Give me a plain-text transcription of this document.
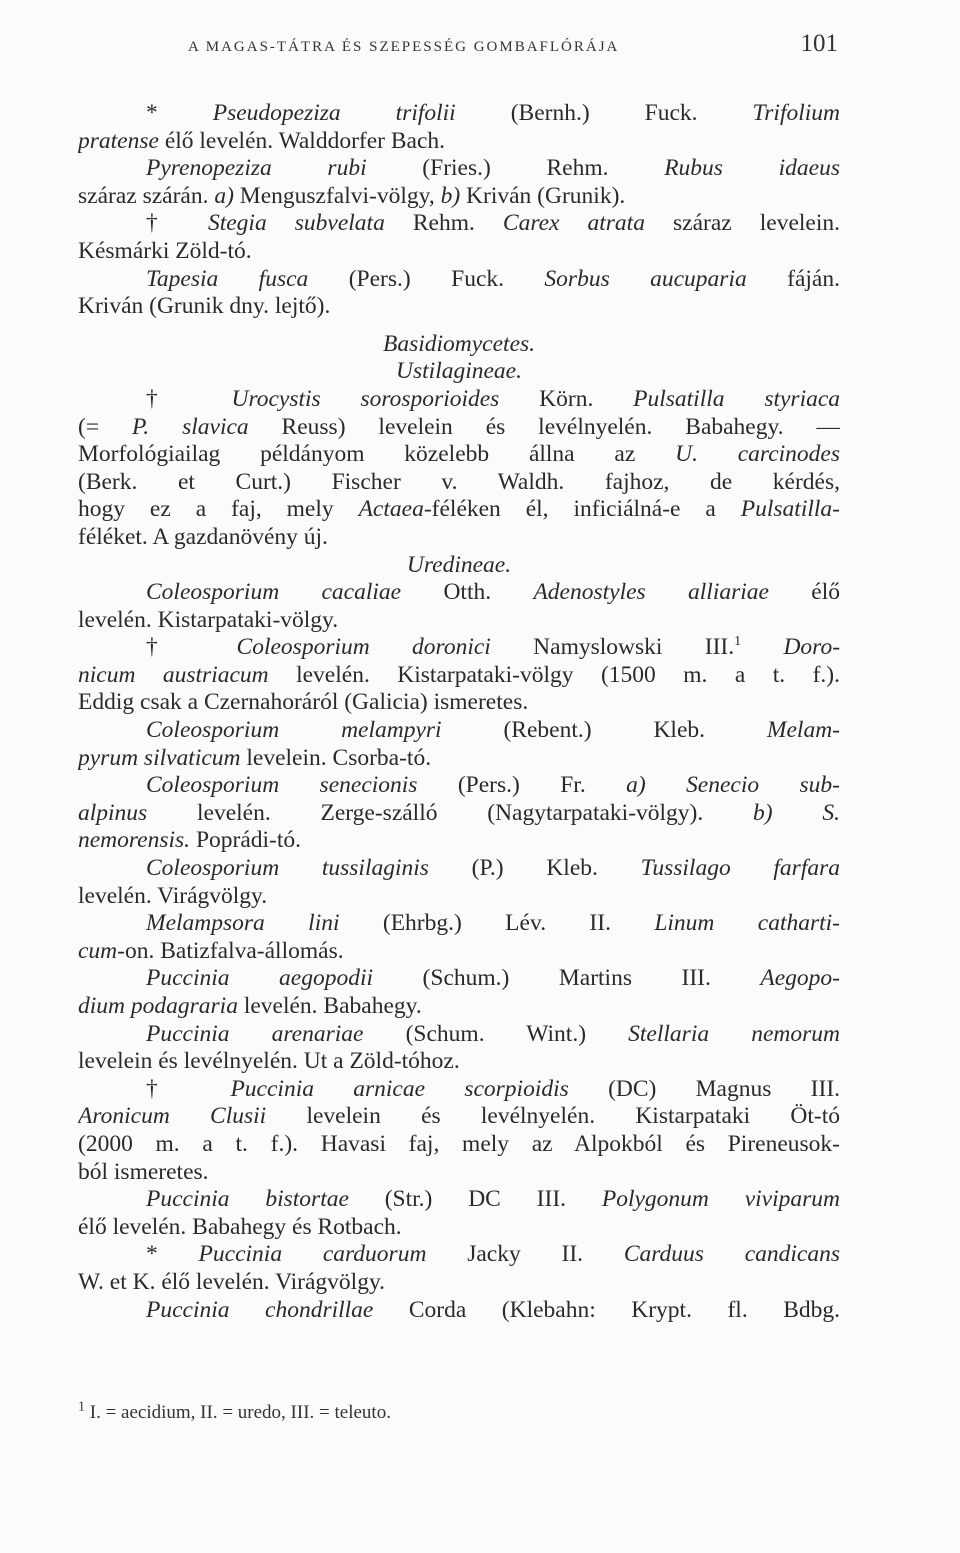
A MAGAS-TÁTRA ÉS SZEPESSÉG GOMBAFLÓRÁJA	101
* Pseudopeziza trifolii (Bernh.) Fuck. Trifolium
pratense élő levelén. Walddorfer Bach.
Pyrenopeziza rubi (Fries.) Rehm. Rubus idaeus
száraz szárán. a) Menguszfalvi-völgy, b) Kriván (Grunik).
† Stegia subvelata Rehm. Carex atrata száraz levelein.
Késmárki Zöld-tó.
Tapesia fusca (Pers.) Fuck. Sorbus aucuparia fáján.
Kriván (Grunik dny. lejtő).
Basidiomycetes.
Ustilagineae.
† Urocystis sorosporioides Körn. Pulsatilla styriaca
(= P. slavica Reuss) levelein és levélnyelén. Babahegy. —
Morfológiailag példányom közelebb állna az U. carcinodes
(Berk. et Curt.) Fischer v. Waldh. fajhoz, de kérdés,
hogy ez a faj, mely Actaea-féléken él, inficiálná-e a Pulsatilla-
féléket. A gazdanövény új.
Uredineae.
Coleosporium cacaliae Otth. Adenostyles alliariae élő
levelén. Kistarpataki-völgy.
† Coleosporium doronici Namyslowski III.$^1$ Doro-
nicum austriacum levelén. Kistarpataki-völgy (1500 m. a t. f.).
Eddig csak a Czernahoráról (Galicia) ismeretes.
Coleosporium melampyri (Rebent.) Kleb. Melam-
pyrum silvaticum levelein. Csorba-tó.
Coleosporium senecionis (Pers.) Fr. a) Senecio sub-
alpinus levelén. Zerge-szálló (Nagytarpataki-völgy). b) S.
nemorensis. Poprádi-tó.
Coleosporium tussilaginis (P.) Kleb. Tussilago farfara
levelén. Virágvölgy.
Melampsora lini (Ehrbg.) Lév. II. Linum catharti-
cum-on. Batizfalva-állomás.
Puccinia aegopodii (Schum.) Martins III. Aegopo-
dium podagraria levelén. Babahegy.
Puccinia arenariae (Schum. Wint.) Stellaria nemorum
levelein és levélnyelén. Ut a Zöld-tóhoz.
† Puccinia arnicae scorpioidis (DC) Magnus III.
Aronicum Clusii levelein és levélnyelén. Kistarpataki Öt-tó
(2000 m. a t. f.). Havasi faj, mely az Alpokból és Pireneusok-
ból ismeretes.
Puccinia bistortae (Str.) DC III. Polygonum viviparum
élő levelén. Babahegy és Rotbach.
* Puccinia carduorum Jacky II. Carduus candicans
W. et K. élő levelén. Virágvölgy.
Puccinia chondrillae Corda (Klebahn: Krypt. fl. Bdbg.
$^1$ I. = aecidium, II. = uredo, III. = teleuto.
